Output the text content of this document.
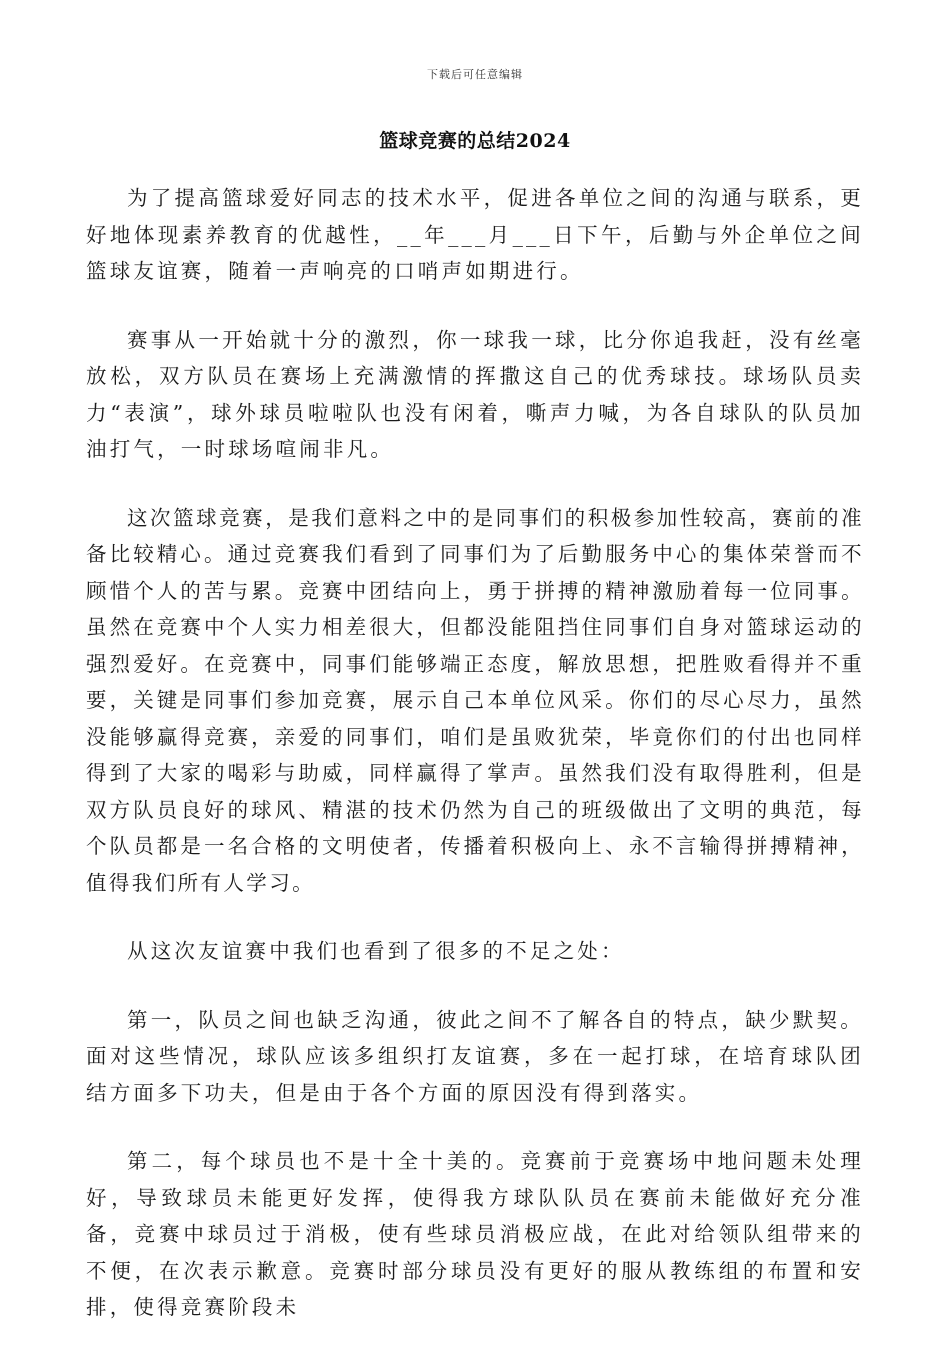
下载后可任意编辑
篮球竞赛的总结2024

为了提高篮球爱好同志的技术水平，促进各单位之间的沟通与联系，更好地体现素养教育的优越性，__年___月___日下午，后勤与外企单位之间篮球友谊赛，随着一声响亮的口哨声如期进行。

赛事从一开始就十分的激烈，你一球我一球，比分你追我赶，没有丝毫放松，双方队员在赛场上充满激情的挥撒这自己的优秀球技。球场队员卖力“表演”，球外球员啦啦队也没有闲着，嘶声力喊，为各自球队的队员加油打气，一时球场喧闹非凡。

这次篮球竞赛，是我们意料之中的是同事们的积极参加性较高，赛前的准备比较精心。通过竞赛我们看到了同事们为了后勤服务中心的集体荣誉而不顾惜个人的苦与累。竞赛中团结向上，勇于拼搏的精神激励着每一位同事。虽然在竞赛中个人实力相差很大，但都没能阻挡住同事们自身对篮球运动的强烈爱好。在竞赛中，同事们能够端正态度，解放思想，把胜败看得并不重要，关键是同事们参加竞赛，展示自己本单位风采。你们的尽心尽力，虽然没能够赢得竞赛，亲爱的同事们，咱们是虽败犹荣，毕竟你们的付出也同样得到了大家的喝彩与助威，同样赢得了掌声。虽然我们没有取得胜利，但是双方队员良好的球风、精湛的技术仍然为自己的班级做出了文明的典范，每个队员都是一名合格的文明使者，传播着积极向上、永不言输得拼搏精神，值得我们所有人学习。

从这次友谊赛中我们也看到了很多的不足之处：

第一，队员之间也缺乏沟通，彼此之间不了解各自的特点，缺少默契。面对这些情况，球队应该多组织打友谊赛，多在一起打球，在培育球队团结方面多下功夫，但是由于各个方面的原因没有得到落实。

第二，每个球员也不是十全十美的。竞赛前于竞赛场中地问题未处理好，导致球员未能更好发挥，使得我方球队队员在赛前未能做好充分准备，竞赛中球员过于消极，使有些球员消极应战，在此对给领队组带来的不便，在次表示歉意。竞赛时部分球员没有更好的服从教练组的布置和安排，使得竞赛阶段未
